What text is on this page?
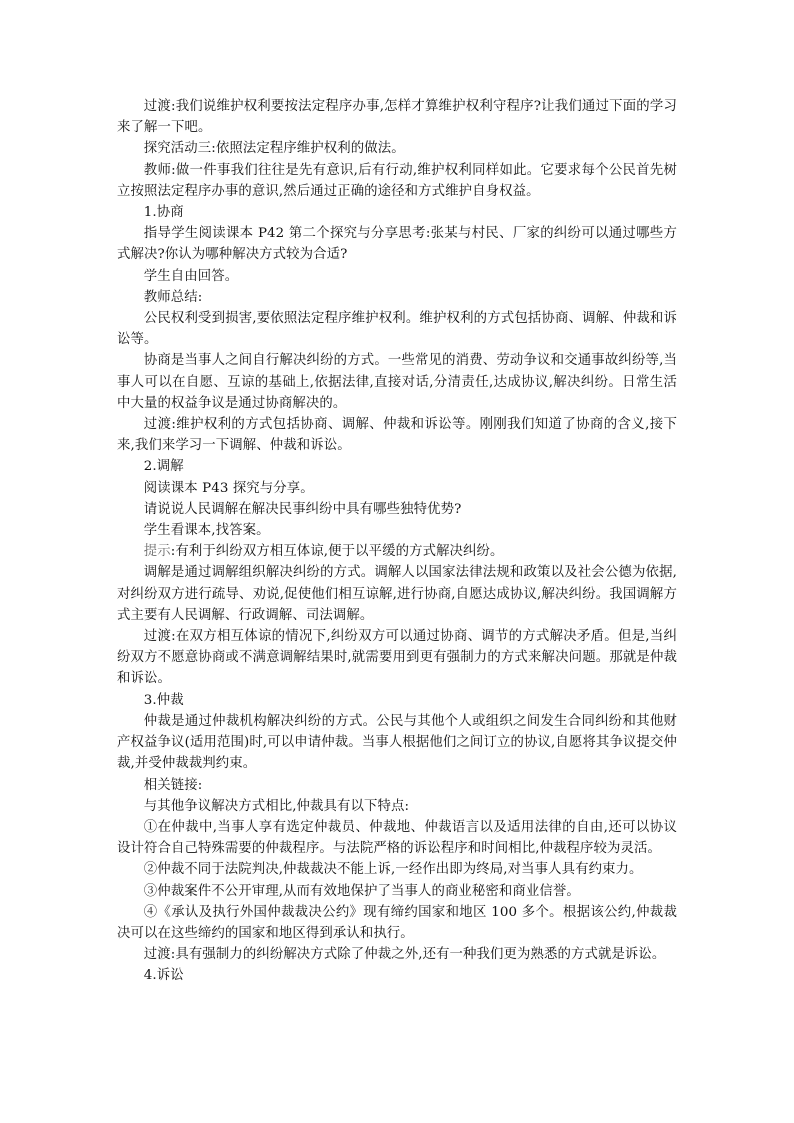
过渡:我们说维护权利要按法定程序办事,怎样才算维护权利守程序?让我们通过下面的学习来了解一下吧。

探究活动三:依照法定程序维护权利的做法。

教师:做一件事我们往往是先有意识,后有行动,维护权利同样如此。它要求每个公民首先树立按照法定程序办事的意识,然后通过正确的途径和方式维护自身权益。

1.协商

指导学生阅读课本 P42 第二个探究与分享思考:张某与村民、厂家的纠纷可以通过哪些方式解决?你认为哪种解决方式较为合适?

学生自由回答。

教师总结:

公民权利受到损害,要依照法定程序维护权利。维护权利的方式包括协商、调解、仲裁和诉讼等。

协商是当事人之间自行解决纠纷的方式。一些常见的消费、劳动争议和交通事故纠纷等,当事人可以在自愿、互谅的基础上,依据法律,直接对话,分清责任,达成协议,解决纠纷。日常生活中大量的权益争议是通过协商解决的。

过渡:维护权利的方式包括协商、调解、仲裁和诉讼等。刚刚我们知道了协商的含义,接下来,我们来学习一下调解、仲裁和诉讼。

2.调解

阅读课本 P43 探究与分享。

请说说人民调解在解决民事纠纷中具有哪些独特优势?

学生看课本,找答案。

提示:有利于纠纷双方相互体谅,便于以平缓的方式解决纠纷。

调解是通过调解组织解决纠纷的方式。调解人以国家法律法规和政策以及社会公德为依据,对纠纷双方进行疏导、劝说,促使他们相互谅解,进行协商,自愿达成协议,解决纠纷。我国调解方式主要有人民调解、行政调解、司法调解。

过渡:在双方相互体谅的情况下,纠纷双方可以通过协商、调节的方式解决矛盾。但是,当纠纷双方不愿意协商或不满意调解结果时,就需要用到更有强制力的方式来解决问题。那就是仲裁和诉讼。

3.仲裁

仲裁是通过仲裁机构解决纠纷的方式。公民与其他个人或组织之间发生合同纠纷和其他财产权益争议(适用范围)时,可以申请仲裁。当事人根据他们之间订立的协议,自愿将其争议提交仲裁,并受仲裁裁判约束。

相关链接:

与其他争议解决方式相比,仲裁具有以下特点:

①在仲裁中,当事人享有选定仲裁员、仲裁地、仲裁语言以及适用法律的自由,还可以协议设计符合自己特殊需要的仲裁程序。与法院严格的诉讼程序和时间相比,仲裁程序较为灵活。

②仲裁不同于法院判决,仲裁裁决不能上诉,一经作出即为终局,对当事人具有约束力。

③仲裁案件不公开审理,从而有效地保护了当事人的商业秘密和商业信誉。

④《承认及执行外国仲裁裁决公约》现有缔约国家和地区 100 多个。根据该公约,仲裁裁决可以在这些缔约的国家和地区得到承认和执行。

过渡:具有强制力的纠纷解决方式除了仲裁之外,还有一种我们更为熟悉的方式就是诉讼。

4.诉讼
